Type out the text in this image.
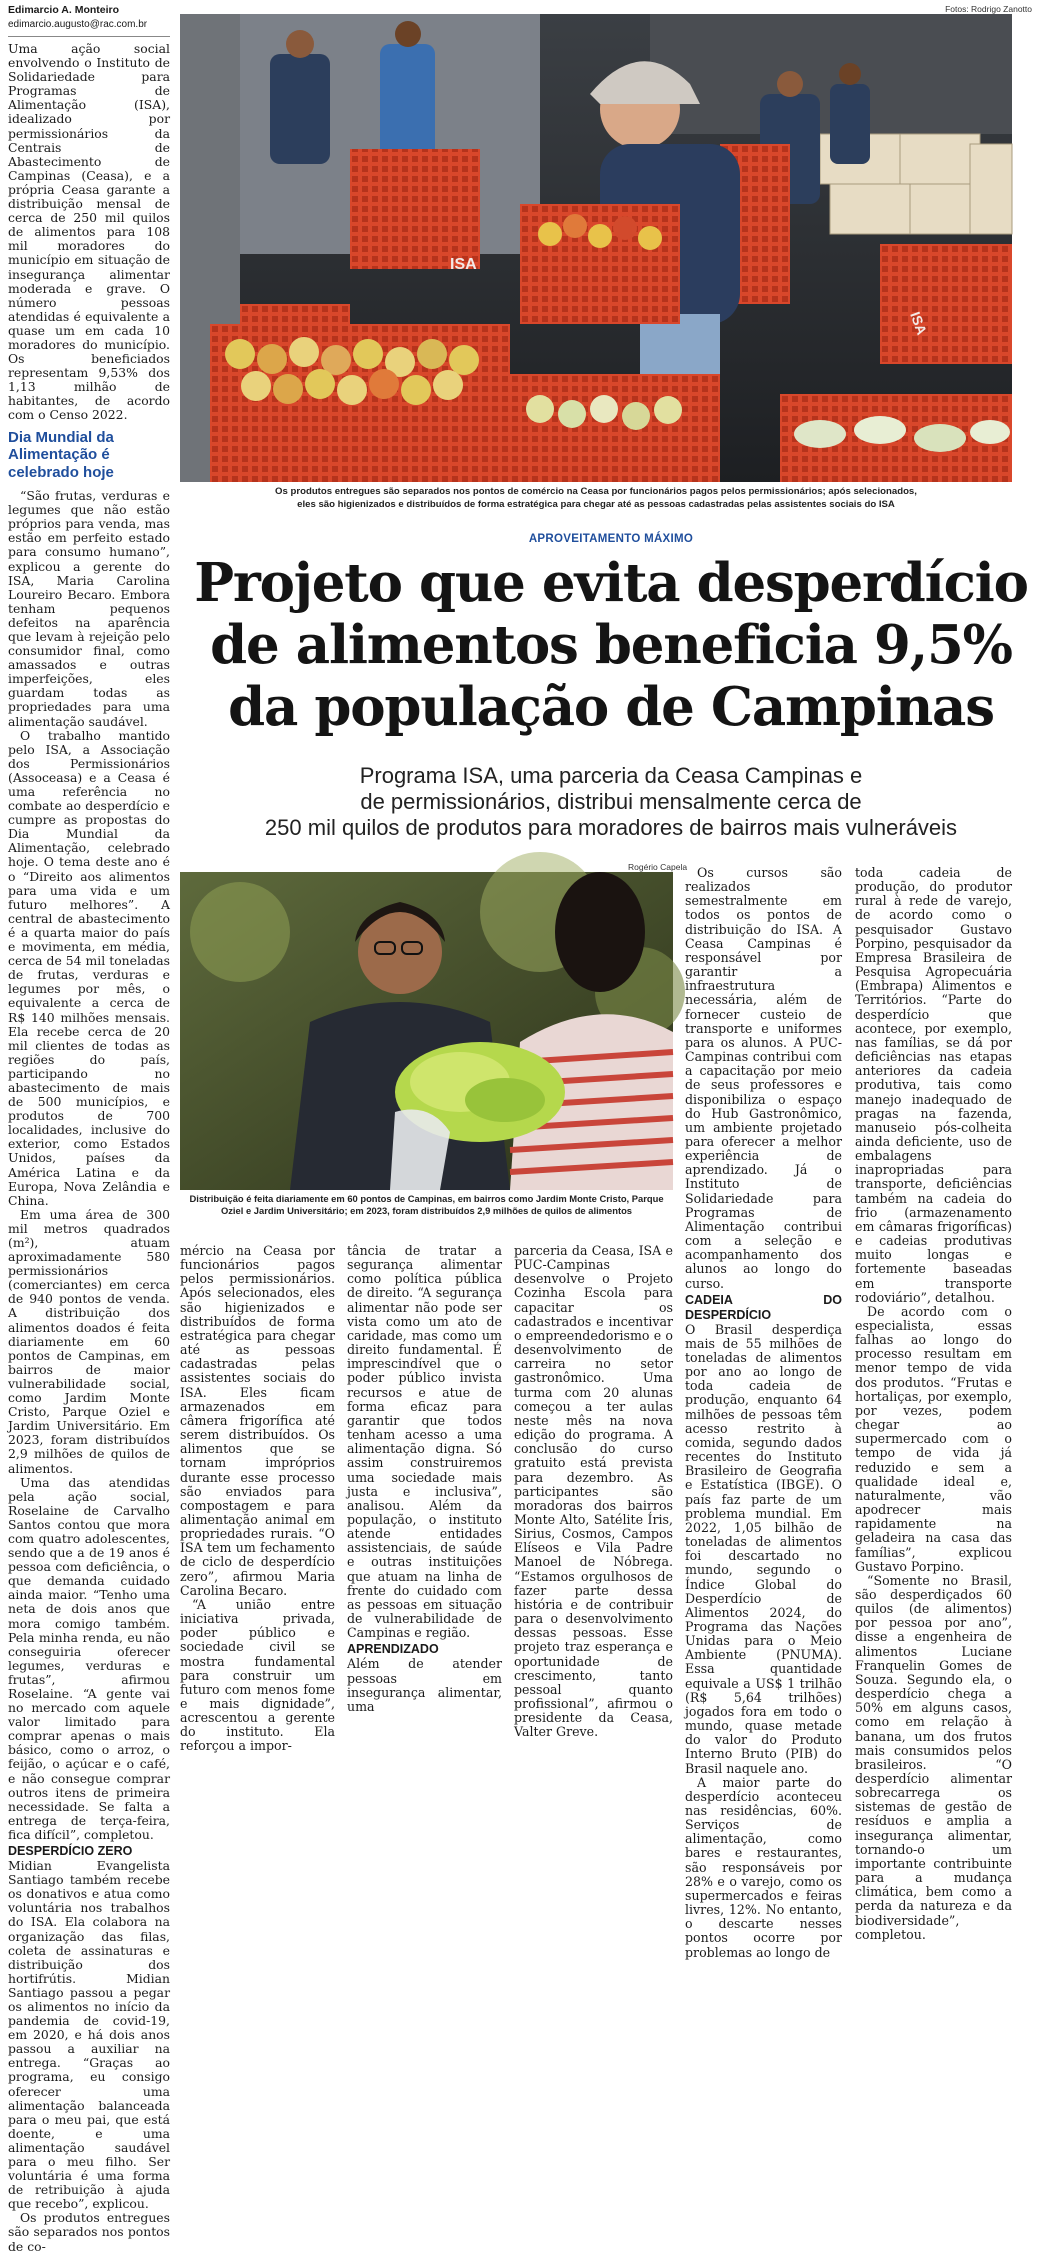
Edimarcio A. Monteiro
edimarcio.augusto@rac.com.br

Uma ação social envolvendo o Instituto de Solidariedade para Programas de Alimentação (ISA), idealizado por permissionários da Centrais de Abastecimento de Campinas (Ceasa), e a própria Ceasa garante a distribuição mensal de cerca de 250 mil quilos de alimentos para 108 mil moradores do município em situação de insegurança alimentar moderada e grave. O número pessoas atendidas é equivalente a quase um em cada 10 moradores do município. Os beneficiados representam 9,53% dos 1,13 milhão de habitantes, de acordo com o Censo 2022.

Dia Mundial da Alimentação é celebrado hoje

“São frutas, verduras e legumes que não estão próprios para venda, mas estão em perfeito estado para consumo humano”, explicou a gerente do ISA, Maria Carolina Loureiro Becaro. Embora tenham pequenos defeitos na aparência que levam à rejeição pelo consumidor final, como amassados e outras imperfeições, eles guardam todas as propriedades para uma alimentação saudável.

O trabalho mantido pelo ISA, a Associação dos Permissionários (Assoceasa) e a Ceasa é uma referência no combate ao desperdício e cumpre as propostas do Dia Mundial da Alimentação, celebrado hoje. O tema deste ano é o “Direito aos alimentos para uma vida e um futuro melhores”. A central de abastecimento é a quarta maior do país e movimenta, em média, cerca de 54 mil toneladas de frutas, verduras e legumes por mês, o equivalente a cerca de R$ 140 milhões mensais. Ela recebe cerca de 20 mil clientes de todas as regiões do país, participando no abastecimento de mais de 500 municípios, e produtos de 700 localidades, inclusive do exterior, como Estados Unidos, países da América Latina e da Europa, Nova Zelândia e China.

Em uma área de 300 mil metros quadrados (m²), atuam aproximadamente 580 permissionários (comerciantes) em cerca de 940 pontos de venda. A distribuição dos alimentos doados é feita diariamente em 60 pontos de Campinas, em bairros de maior vulnerabilidade social, como Jardim Monte Cristo, Parque Oziel e Jardim Universitário. Em 2023, foram distribuídos 2,9 milhões de quilos de alimentos.

Uma das atendidas pela ação social, Roselaine de Carvalho Santos contou que mora com quatro adolescentes, sendo que a de 19 anos é pessoa com deficiência, o que demanda cuidado ainda maior. “Tenho uma neta de dois anos que mora comigo também. Pela minha renda, eu não conseguiria oferecer legumes, verduras e frutas”, afirmou Roselaine. “A gente vai no mercado com aquele valor limitado para comprar apenas o mais básico, como o arroz, o feijão, o açúcar e o café, e não consegue comprar outros itens de primeira necessidade. Se falta a entrega de terça-feira, fica difícil”, completou.

DESPERDÍCIO ZERO

Midian Evangelista Santiago também recebe os donativos e atua como voluntária nos trabalhos do ISA. Ela colabora na organização das filas, coleta de assinaturas e distribuição dos hortifrútis. Midian Santiago passou a pegar os alimentos no início da pandemia de covid-19, em 2020, e há dois anos passou a auxiliar na entrega. “Graças ao programa, eu consigo oferecer uma alimentação balanceada para o meu pai, que está doente, e uma alimentação saudável para o meu filho. Ser voluntária é uma forma de retribuição à ajuda que recebo”, explicou.

Os produtos entregues são separados nos pontos de co-

Fotos: Rodrigo Zanotto
ISA
ISA
Os produtos entregues são separados nos pontos de comércio na Ceasa por funcionários pagos pelos permissionários; após selecionados,
eles são higienizados e distribuídos de forma estratégica para chegar até as pessoas cadastradas pelas assistentes sociais do ISA
APROVEITAMENTO MÁXIMO
Projeto que evita desperdício
de alimentos beneficia 9,5%
da população de Campinas
Programa ISA, uma parceria da Ceasa Campinas e
de permissionários, distribui mensalmente cerca de
250 mil quilos de produtos para moradores de bairros mais vulneráveis
Rogério Capela
Distribuição é feita diariamente em 60 pontos de Campinas, em bairros como Jardim Monte Cristo, Parque
Oziel e Jardim Universitário; em 2023, foram distribuídos 2,9 milhões de quilos de alimentos

mércio na Ceasa por funcionários pagos pelos permissionários. Após selecionados, eles são higienizados e distribuídos de forma estratégica para chegar até as pessoas cadastradas pelas assistentes sociais do ISA. Eles ficam armazenados em câmera frigorífica até serem distribuídos. Os alimentos que se tornam impróprios durante esse processo são enviados para compostagem e para alimentação animal em propriedades rurais. “O ISA tem um fechamento de ciclo de desperdício zero”, afirmou Maria Carolina Becaro.

“A união entre iniciativa privada, poder público e sociedade civil se mostra fundamental para construir um futuro com menos fome e mais dignidade”, acrescentou a gerente do instituto. Ela reforçou a impor-

tância de tratar a segurança alimentar como política pública de direito. “A segurança alimentar não pode ser vista como um ato de caridade, mas como um direito fundamental. É imprescindível que o poder público invista recursos e atue de forma eficaz para garantir que todos tenham acesso a uma alimentação digna. Só assim construiremos uma sociedade mais justa e inclusiva”, analisou. Além da população, o instituto atende entidades assistenciais, de saúde e outras instituições que atuam na linha de frente do cuidado com as pessoas em situação de vulnerabilidade de Campinas e região.

APRENDIZADO

Além de atender pessoas em insegurança alimentar, uma

parceria da Ceasa, ISA e PUC-Campinas desenvolve o Projeto Cozinha Escola para capacitar os cadastrados e incentivar o empreendedorismo e o desenvolvimento de carreira no setor gastronômico. Uma turma com 20 alunas começou a ter aulas neste mês na nova edição do programa. A conclusão do curso gratuito está prevista para dezembro. As participantes são moradoras dos bairros Monte Alto, Satélite Íris, Sirius, Cosmos, Campos Elíseos e Vila Padre Manoel de Nóbrega. “Estamos orgulhosos de fazer parte dessa história e de contribuir para o desenvolvimento dessas pessoas. Esse projeto traz esperança e oportunidade de crescimento, tanto pessoal quanto profissional”, afirmou o presidente da Ceasa, Valter Greve.

Os cursos são realizados semestralmente em todos os pontos de distribuição do ISA. A Ceasa Campinas é responsável por garantir a infraestrutura necessária, além de fornecer custeio de transporte e uniformes para os alunos. A PUC-Campinas contribui com a capacitação por meio de seus professores e disponibiliza o espaço do Hub Gastronômico, um ambiente projetado para oferecer a melhor experiência de aprendizado. Já o Instituto de Solidariedade para Programas de Alimentação contribui com a seleção e acompanhamento dos alunos ao longo do curso.

CADEIA DO DESPERDÍCIO

O Brasil desperdiça mais de 55 milhões de toneladas de alimentos por ano ao longo de toda cadeia de produção, enquanto 64 milhões de pessoas têm acesso restrito à comida, segundo dados recentes do Instituto Brasileiro de Geografia e Estatística (IBGE). O país faz parte de um problema mundial. Em 2022, 1,05 bilhão de toneladas de alimentos foi descartado no mundo, segundo o Índice Global do Desperdício de Alimentos 2024, do Programa das Nações Unidas para o Meio Ambiente (PNUMA). Essa quantidade equivale a US$ 1 trilhão (R$ 5,64 trilhões) jogados fora em todo o mundo, quase metade do valor do Produto Interno Bruto (PIB) do Brasil naquele ano.

A maior parte do desperdício aconteceu nas residências, 60%. Serviços de alimentação, como bares e restaurantes, são responsáveis por 28% e o varejo, como os supermercados e feiras livres, 12%. No entanto, o descarte nesses pontos ocorre por problemas ao longo de

toda cadeia de produção, do produtor rural à rede de varejo, de acordo como o pesquisador Gustavo Porpino, pesquisador da Empresa Brasileira de Pesquisa Agropecuária (Embrapa) Alimentos e Territórios. “Parte do desperdício que acontece, por exemplo, nas famílias, se dá por deficiências nas etapas anteriores da cadeia produtiva, tais como manejo inadequado de pragas na fazenda, manuseio pós-colheita ainda deficiente, uso de embalagens inapropriadas para transporte, deficiências também na cadeia do frio (armazenamento em câmaras frigoríficas) e cadeias produtivas muito longas e fortemente baseadas em transporte rodoviário”, detalhou.

De acordo com o especialista, essas falhas ao longo do processo resultam em menor tempo de vida dos produtos. “Frutas e hortaliças, por exemplo, por vezes, podem chegar ao supermercado com o tempo de vida já reduzido e sem a qualidade ideal e, naturalmente, vão apodrecer mais rapidamente na geladeira na casa das famílias”, explicou Gustavo Porpino.

“Somente no Brasil, são desperdiçados 60 quilos (de alimentos) por pessoa por ano”, disse a engenheira de alimentos Luciane Franquelin Gomes de Souza. Segundo ela, o desperdício chega a 50% em alguns casos, como em relação à banana, um dos frutos mais consumidos pelos brasileiros. “O desperdício alimentar sobrecarrega os sistemas de gestão de resíduos e amplia a insegurança alimentar, tornando-o um importante contribuinte para a mudança climática, bem como a perda da natureza e da biodiversidade”, completou.
